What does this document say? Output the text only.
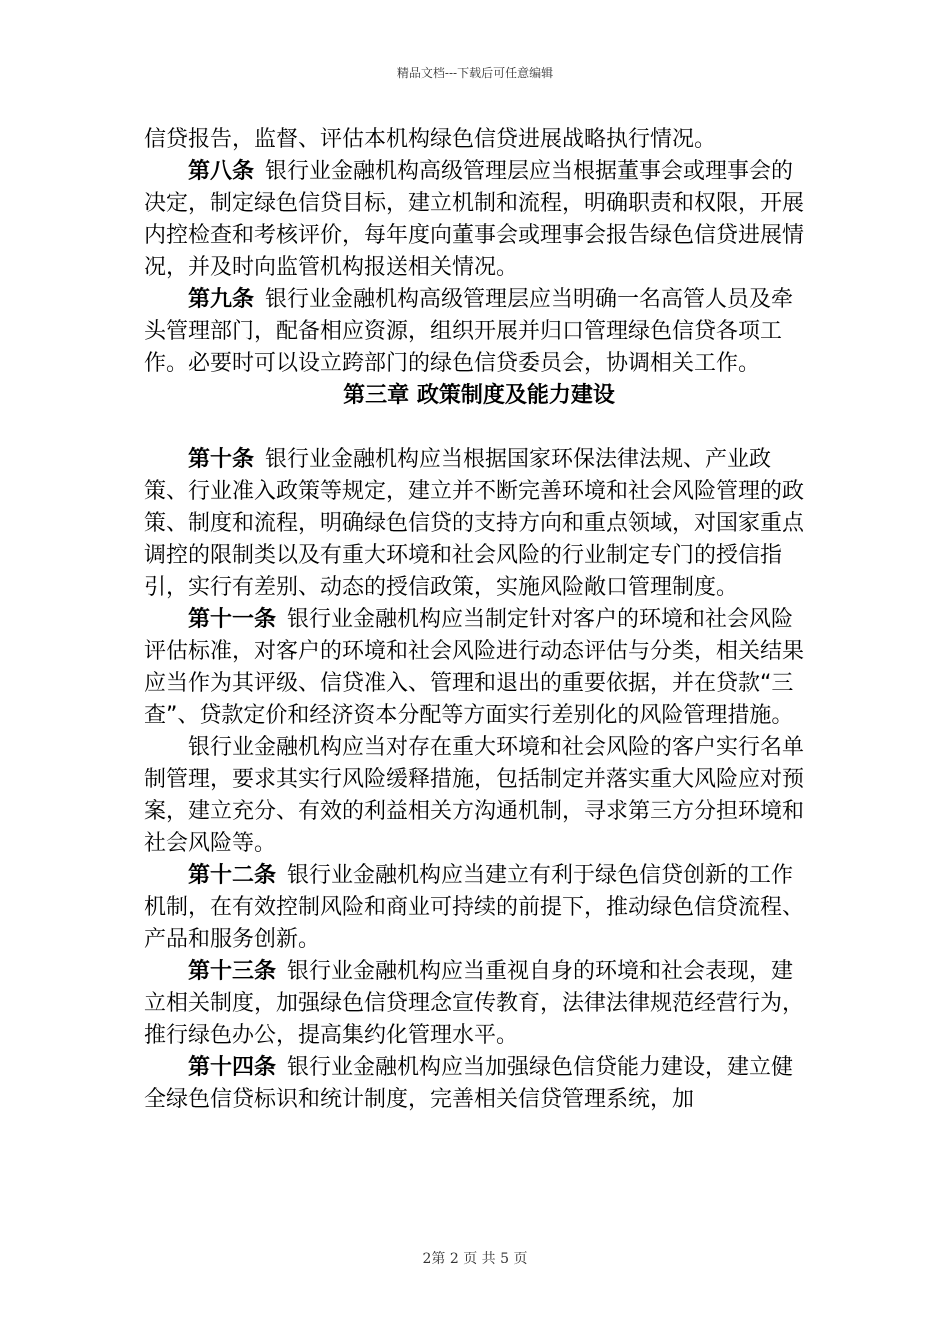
精品文档---下载后可任意编辑

信贷报告，监督、评估本机构绿色信贷进展战略执行情况。

第八条 银行业金融机构高级管理层应当根据董事会或理事会的决定，制定绿色信贷目标，建立机制和流程，明确职责和权限，开展内控检查和考核评价，每年度向董事会或理事会报告绿色信贷进展情况，并及时向监管机构报送相关情况。

第九条 银行业金融机构高级管理层应当明确一名高管人员及牵头管理部门，配备相应资源，组织开展并归口管理绿色信贷各项工作。必要时可以设立跨部门的绿色信贷委员会，协调相关工作。

第三章 政策制度及能力建设

第十条 银行业金融机构应当根据国家环保法律法规、产业政策、行业准入政策等规定，建立并不断完善环境和社会风险管理的政策、制度和流程，明确绿色信贷的支持方向和重点领域，对国家重点调控的限制类以及有重大环境和社会风险的行业制定专门的授信指引，实行有差别、动态的授信政策，实施风险敞口管理制度。

第十一条 银行业金融机构应当制定针对客户的环境和社会风险评估标准，对客户的环境和社会风险进行动态评估与分类，相关结果应当作为其评级、信贷准入、管理和退出的重要依据，并在贷款“三查”、贷款定价和经济资本分配等方面实行差别化的风险管理措施。

银行业金融机构应当对存在重大环境和社会风险的客户实行名单制管理，要求其实行风险缓释措施，包括制定并落实重大风险应对预案，建立充分、有效的利益相关方沟通机制，寻求第三方分担环境和社会风险等。

第十二条 银行业金融机构应当建立有利于绿色信贷创新的工作机制，在有效控制风险和商业可持续的前提下，推动绿色信贷流程、产品和服务创新。

第十三条 银行业金融机构应当重视自身的环境和社会表现，建立相关制度，加强绿色信贷理念宣传教育，法律法律规范经营行为，推行绿色办公，提高集约化管理水平。

第十四条 银行业金融机构应当加强绿色信贷能力建设，建立健全绿色信贷标识和统计制度，完善相关信贷管理系统，加

2第 2 页 共 5 页
